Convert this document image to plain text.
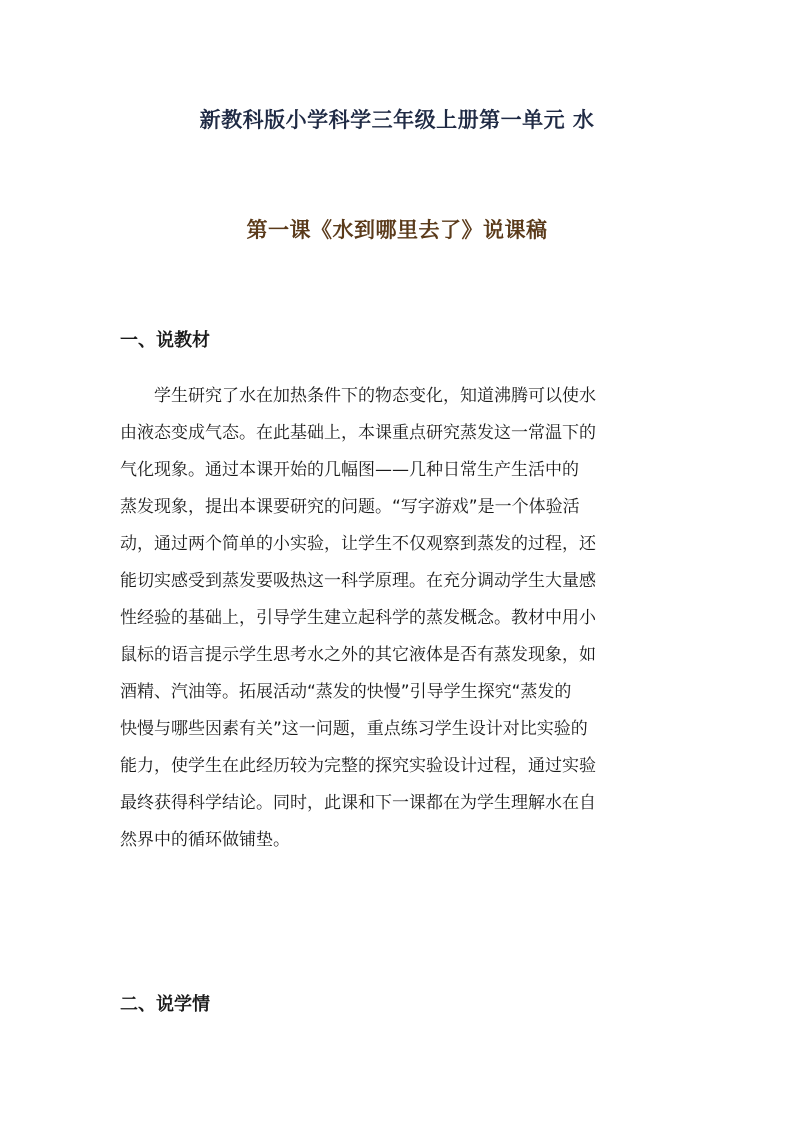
新教科版小学科学三年级上册第一单元 水
第一课《水到哪里去了》说课稿
一、说教材
　　学生研究了水在加热条件下的物态变化，知道沸腾可以使水
由液态变成气态。在此基础上，本课重点研究蒸发这一常温下的
气化现象。通过本课开始的几幅图——几种日常生产生活中的
蒸发现象，提出本课要研究的问题。“写字游戏”是一个体验活
动，通过两个简单的小实验，让学生不仅观察到蒸发的过程，还
能切实感受到蒸发要吸热这一科学原理。在充分调动学生大量感
性经验的基础上，引导学生建立起科学的蒸发概念。教材中用小
鼠标的语言提示学生思考水之外的其它液体是否有蒸发现象，如
酒精、汽油等。拓展活动“蒸发的快慢”引导学生探究“蒸发的
快慢与哪些因素有关”这一问题，重点练习学生设计对比实验的
能力，使学生在此经历较为完整的探究实验设计过程，通过实验
最终获得科学结论。同时，此课和下一课都在为学生理解水在自
然界中的循环做铺垫。
二、说学情
